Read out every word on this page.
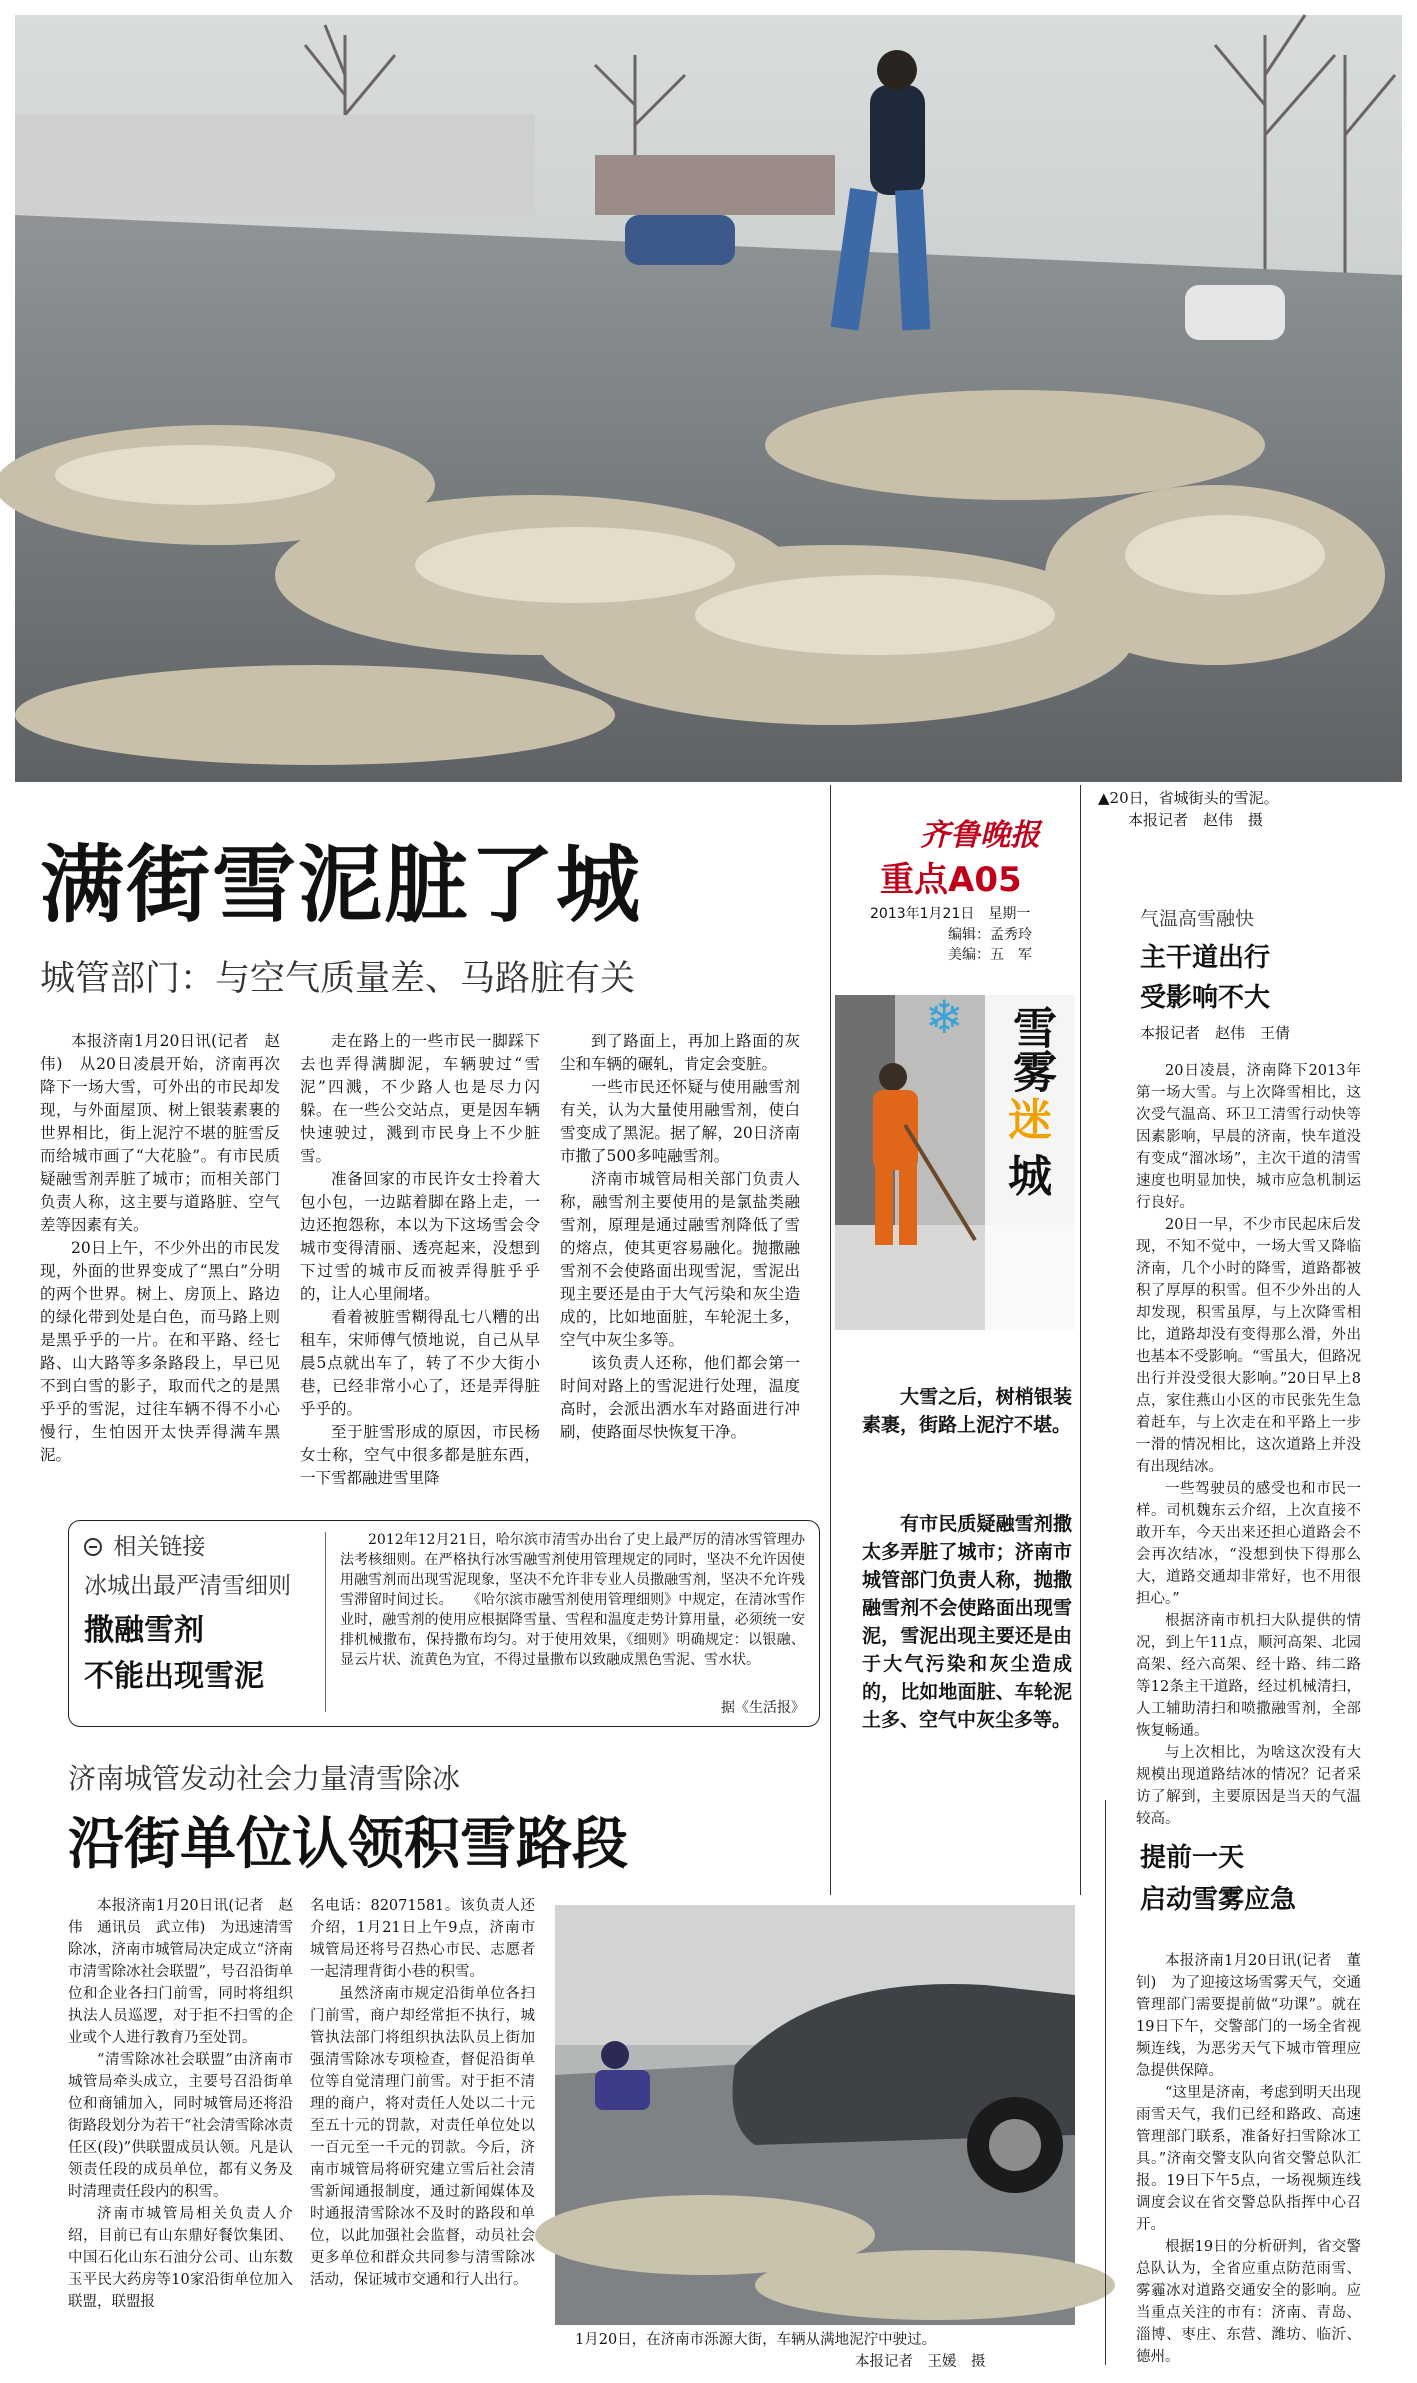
▲20日，省城街头的雪泥。
本报记者　赵伟　摄
满街雪泥脏了城
城管部门：与空气质量差、马路脏有关

本报济南1月20日讯(记者　赵伟)　从20日凌晨开始，济南再次降下一场大雪，可外出的市民却发现，与外面屋顶、树上银装素裹的世界相比，街上泥泞不堪的脏雪反而给城市画了“大花脸”。有市民质疑融雪剂弄脏了城市；而相关部门负责人称，这主要与道路脏、空气差等因素有关。

20日上午，不少外出的市民发现，外面的世界变成了“黑白”分明的两个世界。树上、房顶上、路边的绿化带到处是白色，而马路上则是黑乎乎的一片。在和平路、经七路、山大路等多条路段上，早已见不到白雪的影子，取而代之的是黑乎乎的雪泥，过往车辆不得不小心慢行，生怕因开太快弄得满车黑泥。

走在路上的一些市民一脚踩下去也弄得满脚泥，车辆驶过“雪泥”四溅，不少路人也是尽力闪躲。在一些公交站点，更是因车辆快速驶过，溅到市民身上不少脏雪。

准备回家的市民许女士拎着大包小包，一边踮着脚在路上走，一边还抱怨称，本以为下这场雪会令城市变得清丽、透亮起来，没想到下过雪的城市反而被弄得脏乎乎的，让人心里闹堵。

看着被脏雪糊得乱七八糟的出租车，宋师傅气愤地说，自己从早晨5点就出车了，转了不少大街小巷，已经非常小心了，还是弄得脏乎乎的。

至于脏雪形成的原因，市民杨女士称，空气中很多都是脏东西，一下雪都融进雪里降

到了路面上，再加上路面的灰尘和车辆的碾轧，肯定会变脏。

一些市民还怀疑与使用融雪剂有关，认为大量使用融雪剂，使白雪变成了黑泥。据了解，20日济南市撒了500多吨融雪剂。

济南市城管局相关部门负责人称，融雪剂主要使用的是氯盐类融雪剂，原理是通过融雪剂降低了雪的熔点，使其更容易融化。抛撒融雪剂不会使路面出现雪泥，雪泥出现主要还是由于大气污染和灰尘造成的，比如地面脏，车轮泥土多，空气中灰尘多等。

该负责人还称，他们都会第一时间对路上的雪泥进行处理，温度高时，会派出洒水车对路面进行冲刷，使路面尽快恢复干净。

相关链接
冰城出最严清雪细则
撒融雪剂
不能出现雪泥

2012年12月21日，哈尔滨市清雪办出台了史上最严厉的清冰雪管理办法考核细则。在严格执行冰雪融雪剂使用管理规定的同时，坚决不允许因使用融雪剂而出现雪泥现象，坚决不允许非专业人员撒融雪剂，坚决不允许残雪滞留时间过长。　　《哈尔滨市融雪剂使用管理细则》中规定，在清冰雪作业时，融雪剂的使用应根据降雪量、雪程和温度走势计算用量，必须统一安排机械撒布，保持撒布均匀。对于使用效果，《细则》明确规定：以银融、显云片状、流黄色为宜，不得过量撒布以致融成黑色雪泥、雪水状。

据《生活报》
齐鲁晚报
重点A05
2013年1月21日　星期一
编辑：孟秀玲
美编：五　军
❄ 雪雾
迷
城

大雪之后，树梢银装素裹，街路上泥泞不堪。

有市民质疑融雪剂撒太多弄脏了城市；济南市城管部门负责人称，抛撒融雪剂不会使路面出现雪泥，雪泥出现主要还是由于大气污染和灰尘造成的，比如地面脏、车轮泥土多、空气中灰尘多等。

气温高雪融快
主干道出行
受影响不大
本报记者　赵伟　王倩

20日凌晨，济南降下2013年第一场大雪。与上次降雪相比，这次受气温高、环卫工清雪行动快等因素影响，早晨的济南，快车道没有变成“溜冰场”，主次干道的清雪速度也明显加快，城市应急机制运行良好。

20日一早，不少市民起床后发现，不知不觉中，一场大雪又降临济南，几个小时的降雪，道路都被积了厚厚的积雪。但不少外出的人却发现，积雪虽厚，与上次降雪相比，道路却没有变得那么滑，外出也基本不受影响。“雪虽大，但路况出行并没受很大影响。”20日早上8点，家住燕山小区的市民张先生急着赶车，与上次走在和平路上一步一滑的情况相比，这次道路上并没有出现结冰。

一些驾驶员的感受也和市民一样。司机魏东云介绍，上次直接不敢开车，今天出来还担心道路会不会再次结冰，“没想到快下得那么大，道路交通却非常好，也不用很担心。”

根据济南市机扫大队提供的情况，到上午11点，顺河高架、北园高架、经六高架、经十路、纬二路等12条主干道路，经过机械清扫，人工辅助清扫和喷撒融雪剂，全部恢复畅通。

与上次相比，为啥这次没有大规模出现道路结冰的情况？记者采访了解到，主要原因是当天的气温较高。

提前一天
启动雪雾应急

本报济南1月20日讯(记者　董钊)　为了迎接这场雪雾天气，交通管理部门需要提前做“功课”。就在19日下午，交警部门的一场全省视频连线，为恶劣天气下城市管理应急提供保障。

“这里是济南，考虑到明天出现雨雪天气，我们已经和路政、高速管理部门联系，准备好扫雪除冰工具。”济南交警支队向省交警总队汇报。19日下午5点，一场视频连线调度会议在省交警总队指挥中心召开。

根据19日的分析研判，省交警总队认为，全省应重点防范雨雪、雾霾冰对道路交通安全的影响。应当重点关注的市有：济南、青岛、淄博、枣庄、东营、潍坊、临沂、德州。

济南城管发动社会力量清雪除冰
沿街单位认领积雪路段

本报济南1月20日讯(记者　赵伟　通讯员　武立伟)　为迅速清雪除冰，济南市城管局决定成立“济南市清雪除冰社会联盟”，号召沿街单位和企业各扫门前雪，同时将组织执法人员巡逻，对于拒不扫雪的企业或个人进行教育乃至处罚。

“清雪除冰社会联盟”由济南市城管局牵头成立，主要号召沿街单位和商铺加入，同时城管局还将沿街路段划分为若干“社会清雪除冰责任区(段)”供联盟成员认领。凡是认领责任段的成员单位，都有义务及时清理责任段内的积雪。

济南市城管局相关负责人介绍，目前已有山东鼎好餐饮集团、中国石化山东石油分公司、山东数玉平民大药房等10家沿街单位加入联盟，联盟报

名电话：82071581。该负责人还介绍，1月21日上午9点，济南市城管局还将号召热心市民、志愿者一起清理背街小巷的积雪。

虽然济南市规定沿街单位各扫门前雪，商户却经常拒不执行，城管执法部门将组织执法队员上街加强清雪除冰专项检查，督促沿街单位等自觉清理门前雪。对于拒不清理的商户，将对责任人处以二十元至五十元的罚款，对责任单位处以一百元至一千元的罚款。今后，济南市城管局将研究建立雪后社会清雪新闻通报制度，通过新闻媒体及时通报清雪除冰不及时的路段和单位，以此加强社会监督，动员社会更多单位和群众共同参与清雪除冰活动，保证城市交通和行人出行。

1月20日，在济南市泺源大街，车辆从满地泥泞中驶过。
本报记者　王媛　摄
